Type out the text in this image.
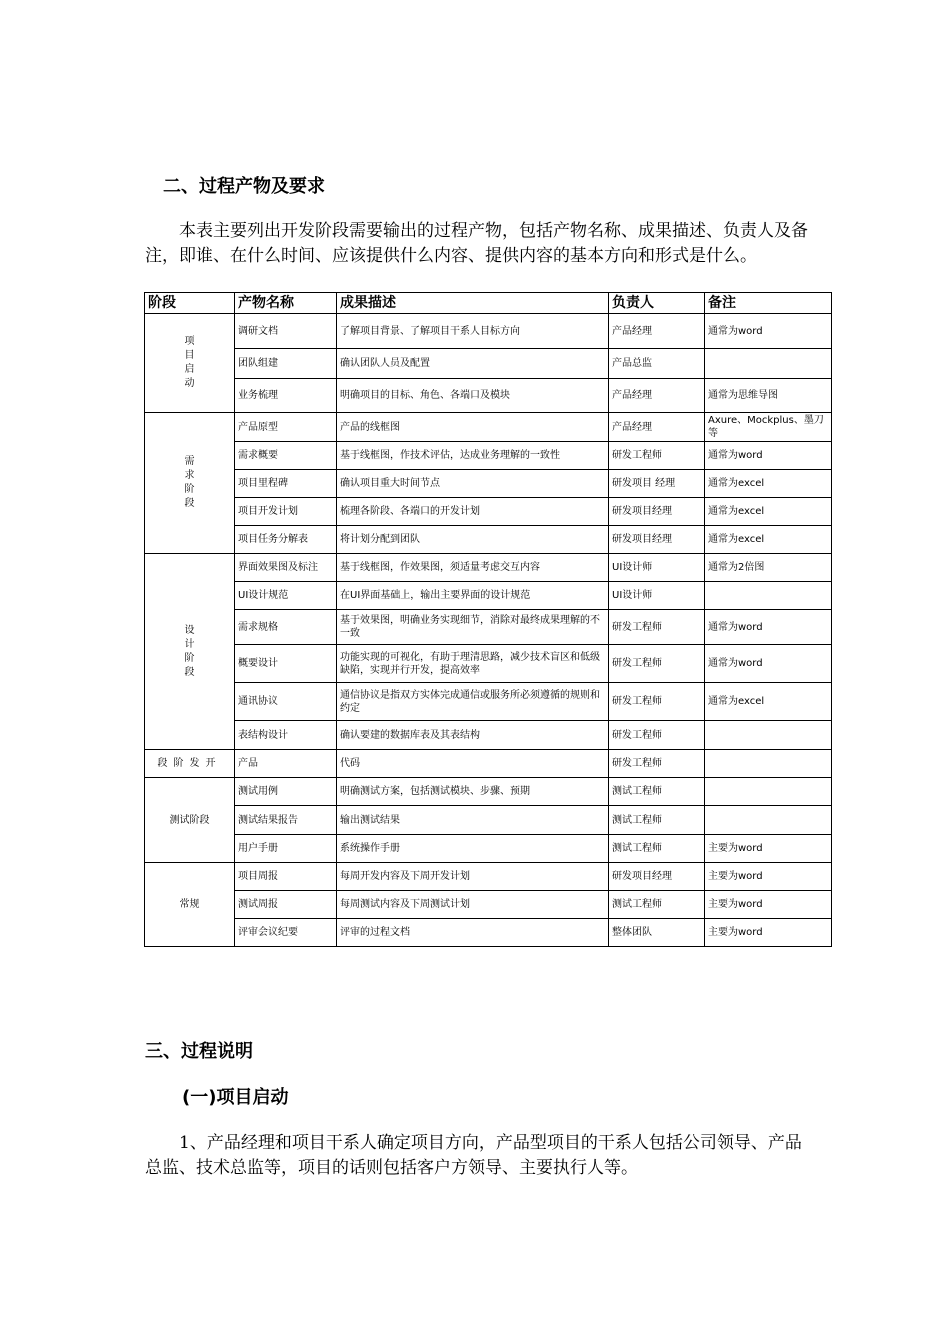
二、过程产物及要求
本表主要列出开发阶段需要输出的过程产物，包括产物名称、成果描述、负责人及备注，即谁、在什么时间、应该提供什么内容、提供内容的基本方向和形式是什么。
阶段	产物名称	成果描述	负责人	备注
项目启动	调研文档	了解项目背景、了解项目干系人目标方向	产品经理	通常为word
	团队组建	确认团队人员及配置	产品总监	
	业务梳理	明确项目的目标、角色、各端口及模块	产品经理	通常为思维导图
需求阶段	产品原型	产品的线框图	产品经理	Axure、Mockplus、墨刀等
	需求概要	基于线框图，作技术评估，达成业务理解的一致性	研发工程师	通常为word
	项目里程碑	确认项目重大时间节点	研发项目 经理	通常为excel
	项目开发计划	梳理各阶段、各端口的开发计划	研发项目经理	通常为excel
	项目任务分解表	将计划分配到团队	研发项目经理	通常为excel
设计阶段	界面效果图及标注	基于线框图，作效果图，须适量考虑交互内容	UI设计师	通常为2倍图
	UI设计规范	在UI界面基础上，输出主要界面的设计规范	UI设计师	
	需求规格	基于效果图，明确业务实现细节，消除对最终成果理解的不一致	研发工程师	通常为word
	概要设计	功能实现的可视化，有助于理清思路，减少技术盲区和低级缺陷，实现并行开发，提高效率	研发工程师	通常为word
	通讯协议	通信协议是指双方实体完成通信或服务所必须遵循的规则和约定	研发工程师	通常为excel
	表结构设计	确认要建的数据库表及其表结构	研发工程师	
段阶发开	产品	代码	研发工程师	
测试阶段	测试用例	明确测试方案，包括测试模块、步骤、预期	测试工程师	
	测试结果报告	输出测试结果	测试工程师	
	用户手册	系统操作手册	测试工程师	主要为word
常规	项目周报	每周开发内容及下周开发计划	研发项目经理	主要为word
	测试周报	每周测试内容及下周测试计划	测试工程师	主要为word
	评审会议纪要	评审的过程文档	整体团队	主要为word
三、过程说明
(一)项目启动
1、产品经理和项目干系人确定项目方向，产品型项目的干系人包括公司领导、产品总监、技术总监等，项目的话则包括客户方领导、主要执行人等。
